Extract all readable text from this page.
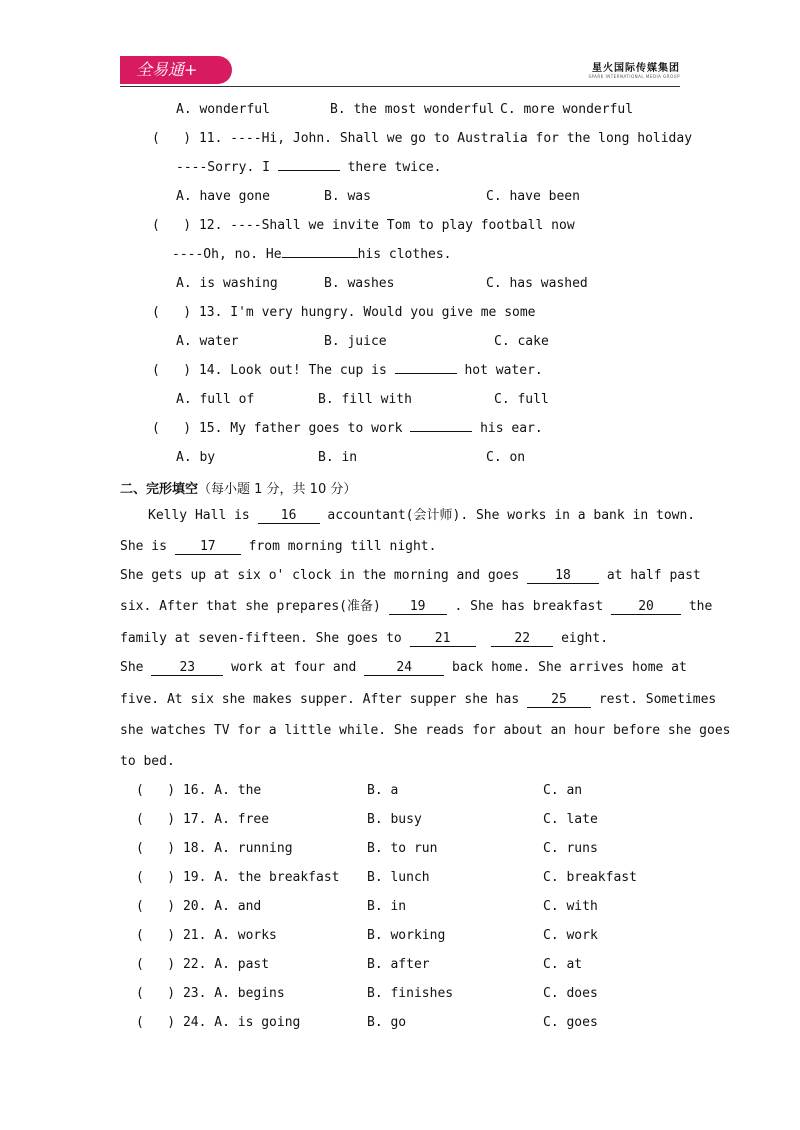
全易通+	星火国际传媒集团
SPARK INTERNATIONAL MEDIA GROUP
A. wonderful	B. the most wonderful C. more wonderful
(   ) 11. ----Hi, John. Shall we go to Australia for the long holiday
----Sorry. I	there twice.
A. have gone	B. was	C. have been
(   ) 12. ----Shall we invite Tom to play football now
----Oh, no. He	his clothes.
A. is washing	B. washes	C. has washed
(   ) 13. I'm very hungry. Would you give me some
A. water	B. juice	C. cake
(   ) 14. Look out! The cup is	hot water.
A. full of	B. fill with	C. full
(   ) 15. My father goes to work	his ear.
A. by	B. in	C. on
二、完形填空（每小题 1 分，共 10 分）
Kelly Hall is 16 accountant(会计师). She works in a bank in town.
She is 17 from morning till night.
She gets up at six o' clock in the morning and goes 18 at half past
six. After that she prepares(准备) 19 . She has breakfast 20 the
family at seven-fifteen. She goes to 21	22 eight.
She 23 work at four and 24 back home. She arrives home at
five. At six she makes supper. After supper she has 25 rest. Sometimes
she watches TV for a little while. She reads for about an hour before she goes
to bed.
(   ) 16. A. the	B. a	C. an
(   ) 17. A. free	B. busy	C. late
(   ) 18. A. running	B. to run	C. runs
(   ) 19. A. the breakfast B. lunch	C. breakfast
(   ) 20. A. and	B. in	C. with
(   ) 21. A. works	B. working	C. work
(   ) 22. A. past	B. after	C. at
(   ) 23. A. begins	B. finishes	C. does
(   ) 24. A. is going	B. go	C. goes
